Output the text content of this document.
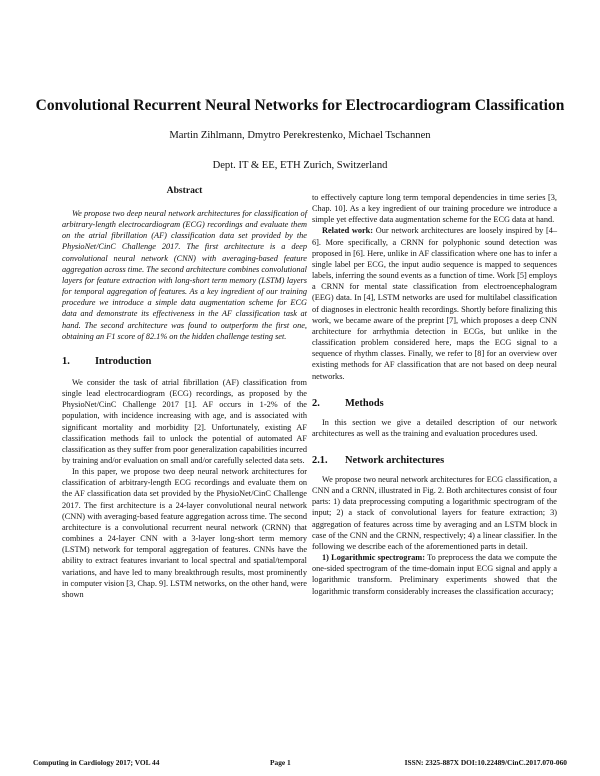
Convolutional Recurrent Neural Networks for Electrocardiogram Classification
Martin Zihlmann, Dmytro Perekrestenko, Michael Tschannen
Dept. IT & EE, ETH Zurich, Switzerland
Abstract

We propose two deep neural network architectures for classification of arbitrary-length electrocardiogram (ECG) recordings and evaluate them on the atrial fibrillation (AF) classification data set provided by the PhysioNet/CinC Challenge 2017. The first architecture is a deep convolutional neural network (CNN) with averaging-based feature aggregation across time. The second architecture combines convolutional layers for feature extraction with long-short term memory (LSTM) layers for temporal aggregation of features. As a key ingredient of our training procedure we introduce a simple data augmentation scheme for ECG data and demonstrate its effectiveness in the AF classification task at hand. The second architecture was found to outperform the first one, obtaining an F1 score of 82.1% on the hidden challenge testing set.

1.	Introduction

We consider the task of atrial fibrillation (AF) classification from single lead electrocardiogram (ECG) recordings, as proposed by the PhysioNet/CinC Challenge 2017 [1]. AF occurs in 1-2% of the population, with incidence increasing with age, and is associated with significant mortality and morbidity [2]. Unfortunately, existing AF classification methods fail to unlock the potential of automated AF classification as they suffer from poor generalization capabilities incurred by training and/or evaluation on small and/or carefully selected data sets.

In this paper, we propose two deep neural network architectures for classification of arbitrary-length ECG recordings and evaluate them on the AF classification data set provided by the PhysioNet/CinC Challenge 2017. The first architecture is a 24-layer convolutional neural network (CNN) with averaging-based feature aggregation across time. The second architecture is a convolutional recurrent neural network (CRNN) that combines a 24-layer CNN with a 3-layer long-short term memory (LSTM) network for temporal aggregation of features. CNNs have the ability to extract features invariant to local spectral and spatial/temporal variations, and have led to many breakthrough results, most prominently in computer vision [3, Chap. 9]. LSTM networks, on the other hand, were shown

to effectively capture long term temporal dependencies in time series [3, Chap. 10]. As a key ingredient of our training procedure we introduce a simple yet effective data augmentation scheme for the ECG data at hand.

Related work: Our network architectures are loosely inspired by [4–6]. More specifically, a CRNN for polyphonic sound detection was proposed in [6]. Here, unlike in AF classification where one has to infer a single label per ECG, the input audio sequence is mapped to sequences labels, inferring the sound events as a function of time. Work [5] employs a CRNN for mental state classification from electroencephalogram (EEG) data. In [4], LSTM networks are used for multilabel classification of diagnoses in electronic health recordings. Shortly before finalizing this work, we became aware of the preprint [7], which proposes a deep CNN architecture for arrhythmia detection in ECGs, but unlike in the classification problem considered here, maps the ECG signal to a sequence of rhythm classes. Finally, we refer to [8] for an overview over existing methods for AF classification that are not based on deep neural networks.

2.	Methods

In this section we give a detailed description of our network architectures as well as the training and evaluation procedures used.

2.1.	Network architectures

We propose two neural network architectures for ECG classification, a CNN and a CRNN, illustrated in Fig. 2. Both architectures consist of four parts: 1) data preprocessing computing a logarithmic spectrogram of the input; 2) a stack of convolutional layers for feature extraction; 3) aggregation of features across time by averaging and an LSTM block in case of the CNN and the CRNN, respectively; 4) a linear classifier. In the following we describe each of the aforementioned parts in detail.

1) Logarithmic spectrogram: To preprocess the data we compute the one-sided spectrogram of the time-domain input ECG signal and apply a logarithmic transform. Preliminary experiments showed that the logarithmic transform considerably increases the classification accuracy;

Computing in Cardiology 2017; VOL 44	Page 1	ISSN: 2325-887X DOI:10.22489/CinC.2017.070-060
